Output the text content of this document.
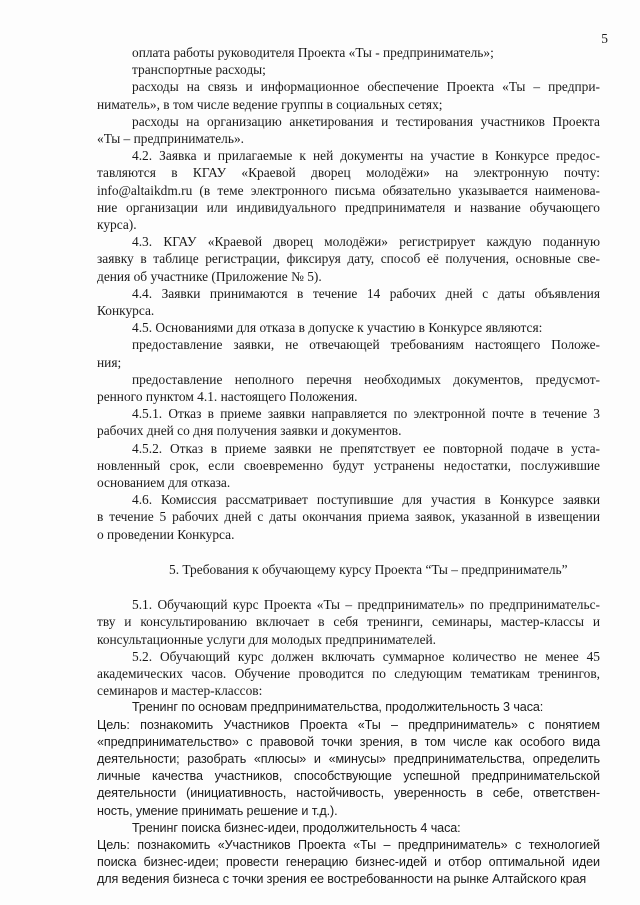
5
оплата работы руководителя Проекта «Ты - предприниматель»;
транспортные расходы;
расходы на связь и информационное обеспечение Проекта «Ты – предпри-
ниматель», в том числе ведение группы в социальных сетях;
расходы на организацию анкетирования и тестирования участников Проекта
«Ты – предприниматель».
4.2. Заявка и прилагаемые к ней документы на участие в Конкурсе предос-
тавляются в КГАУ «Краевой дворец молодёжи» на электронную почту:
info@altaikdm.ru (в теме электронного письма обязательно указывается наименова-
ние организации или индивидуального предпринимателя и название обучающего
курса).
4.3. КГАУ «Краевой дворец молодёжи» регистрирует каждую поданную
заявку в таблице регистрации, фиксируя дату, способ её получения, основные све-
дения об участнике (Приложение № 5).
4.4. Заявки принимаются в течение 14 рабочих дней с даты объявления
Конкурса.
4.5. Основаниями для отказа в допуске к участию в Конкурсе являются:
предоставление заявки, не отвечающей требованиям настоящего Положе-
ния;
предоставление неполного перечня необходимых документов, предусмот-
ренного пунктом 4.1. настоящего Положения.
4.5.1. Отказ в приеме заявки направляется по электронной почте в течение 3
рабочих дней со дня получения заявки и документов.
4.5.2. Отказ в приеме заявки не препятствует ее повторной подаче в уста-
новленный срок, если своевременно будут устранены недостатки, послужившие
основанием для отказа.
4.6. Комиссия рассматривает поступившие для участия в Конкурсе заявки
в течение 5 рабочих дней с даты окончания приема заявок, указанной в извещении
о проведении Конкурса.
5. Требования к обучающему курсу Проекта “Ты – предприниматель”
5.1. Обучающий курс Проекта «Ты – предприниматель» по предпринимательс-
тву и консультированию включает в себя тренинги, семинары, мастер-классы и
консультационные услуги для молодых предпринимателей.
5.2. Обучающий курс должен включать суммарное количество не менее 45
академических часов. Обучение проводится по следующим тематикам тренингов,
семинаров и мастер-классов:
Тренинг по основам предпринимательства, продолжительность 3 часа:
Цель: познакомить Участников Проекта «Ты – предприниматель» с понятием
«предпринимательство» с правовой точки зрения, в том числе как особого вида
деятельности; разобрать «плюсы» и «минусы» предпринимательства, определить
личные качества участников, способствующие успешной предпринимательской
деятельности (инициативность, настойчивость, уверенность в себе, ответствен-
ность, умение принимать решение и т.д.).
Тренинг поиска бизнес-идеи, продолжительность 4 часа:
Цель: познакомить «Участников Проекта «Ты – предприниматель» с технологией
поиска бизнес-идеи; провести генерацию бизнес-идей и отбор оптимальной идеи
для ведения бизнеса с точки зрения ее востребованности на рынке Алтайского края
